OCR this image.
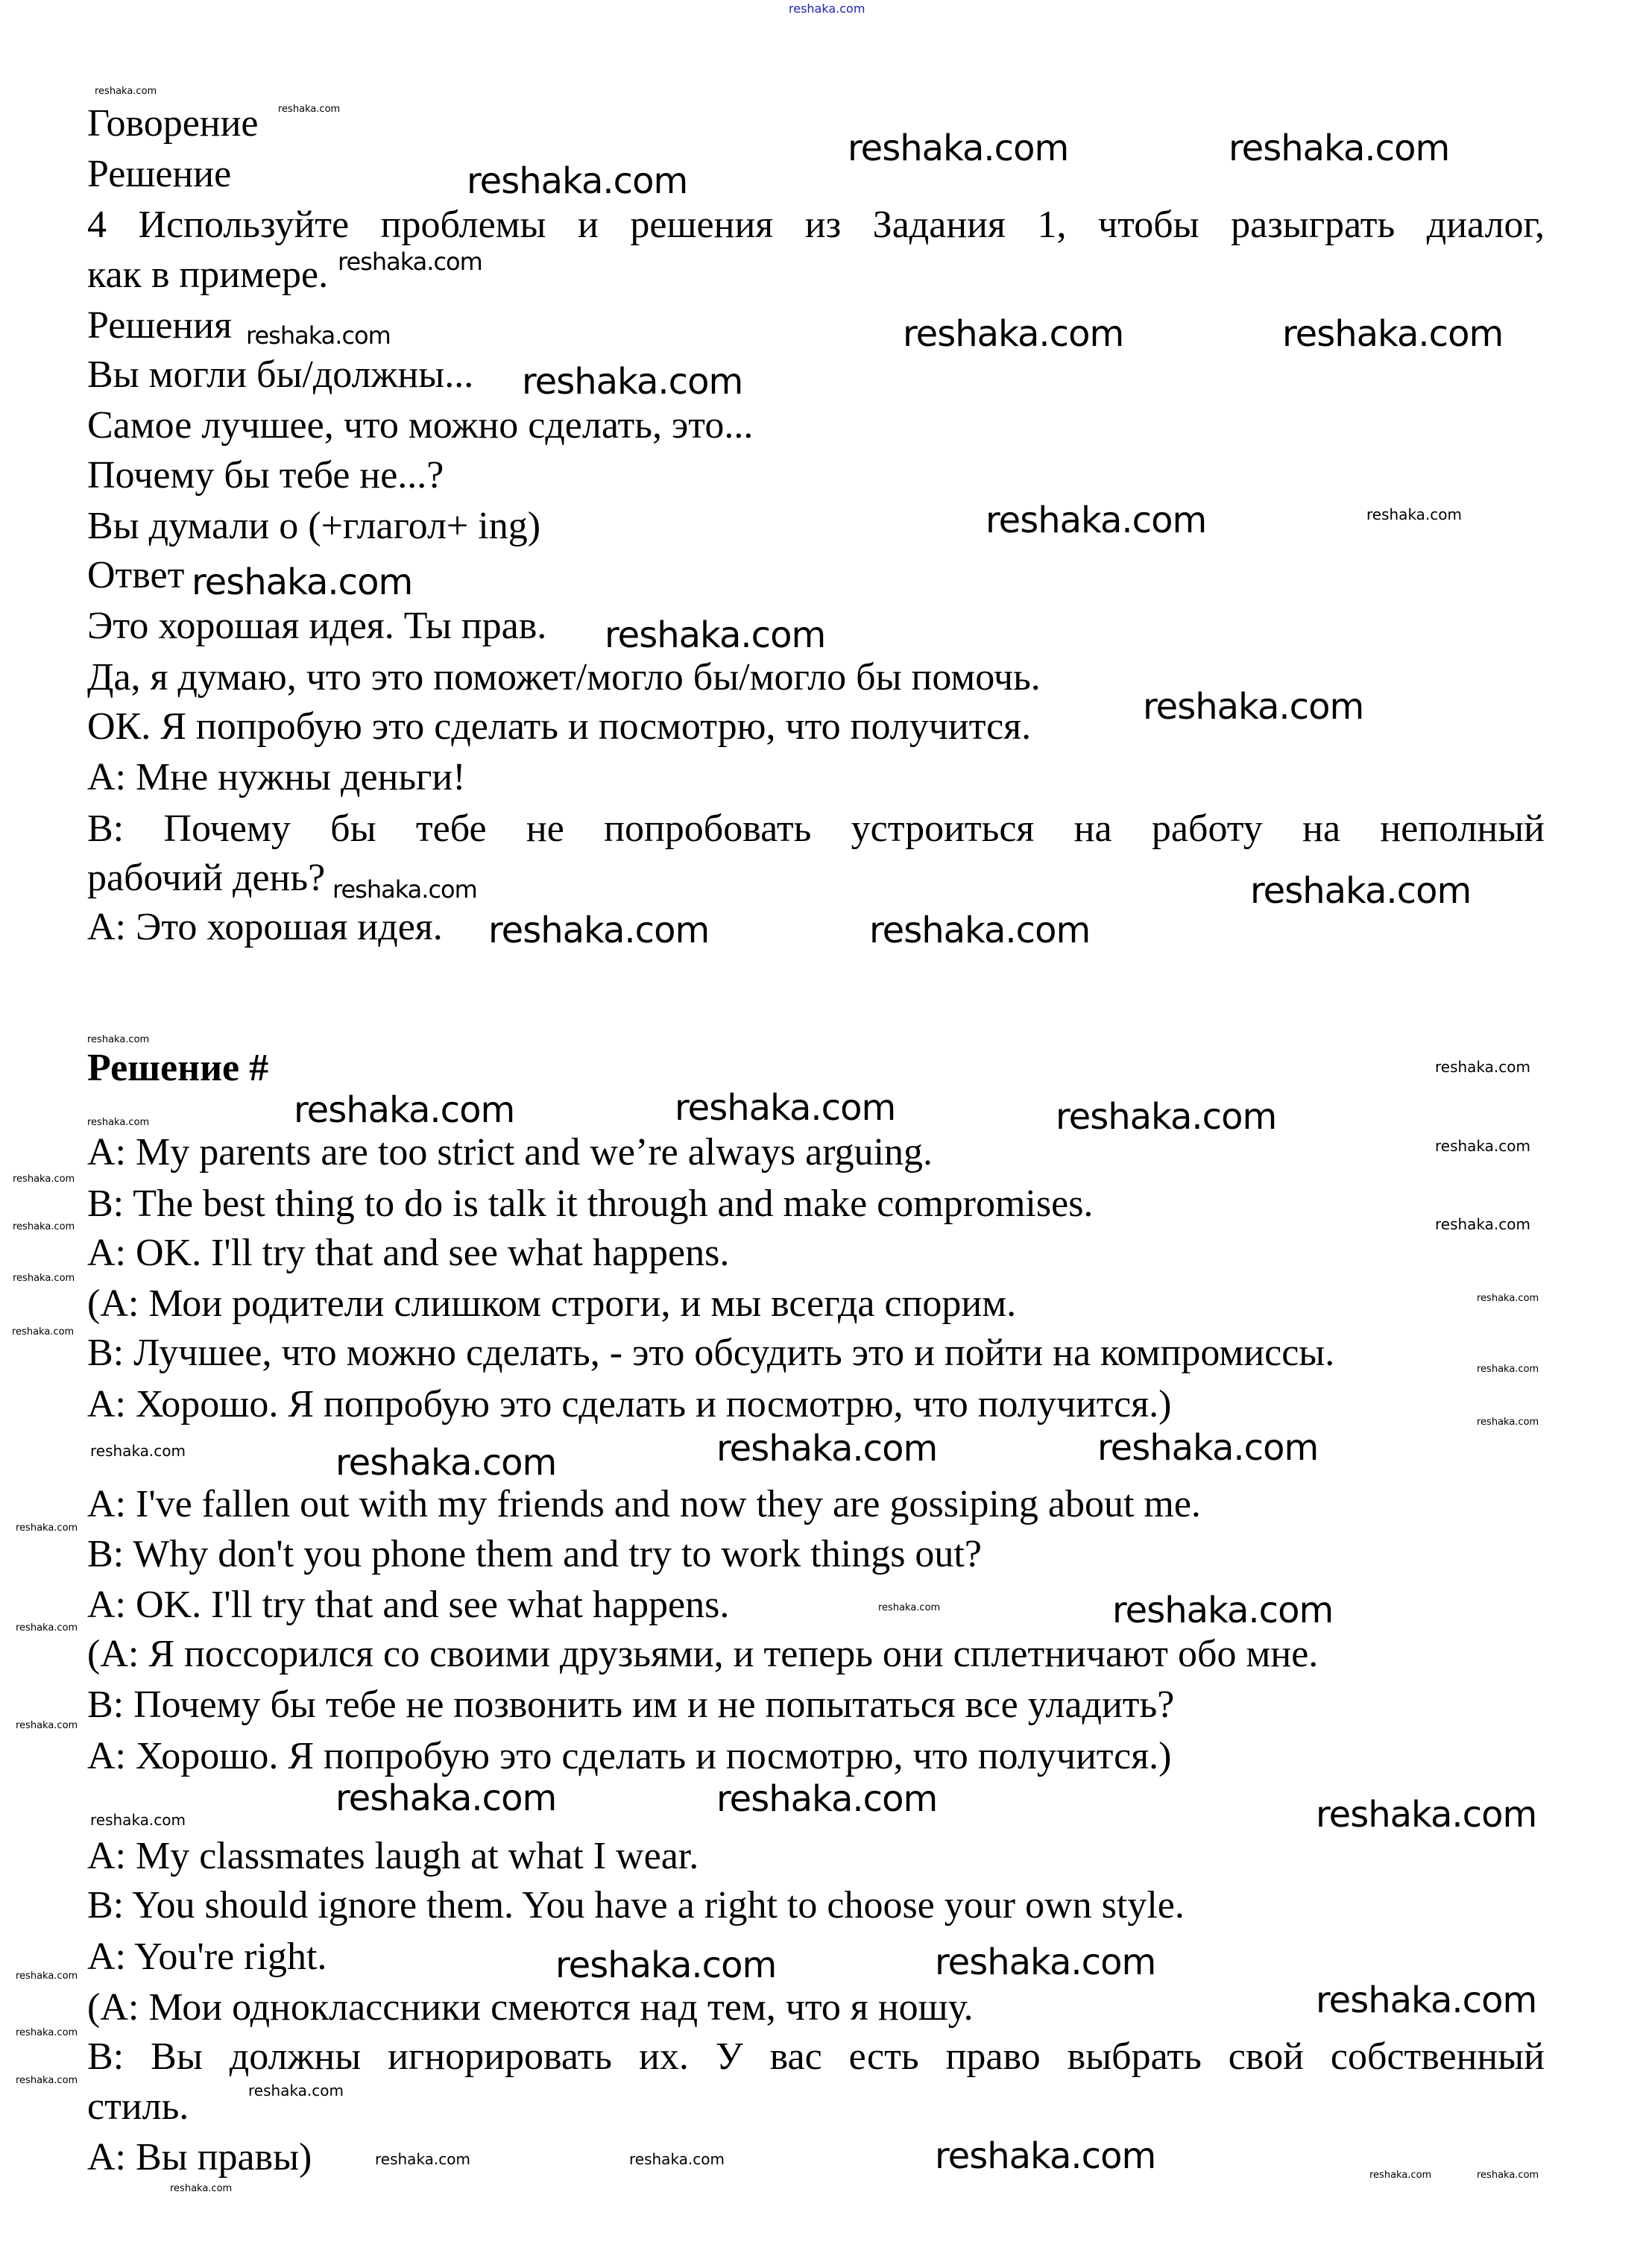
reshaka.com
Говорение
Решение
4 Используйте проблемы и решения из Задания 1, чтобы разыграть диалог,
как в примере.
Решения
Вы могли бы/должны...
Самое лучшее, что можно сделать, это...
Почему бы тебе не...?
Вы думали о (+глагол+ ing)
Ответ
Это хорошая идея. Ты прав.
Да, я думаю, что это поможет/могло бы/могло бы помочь.
ОК. Я попробую это сделать и посмотрю, что получится.
A: Мне нужны деньги!
B: Почему бы тебе не попробовать устроиться на работу на неполный
рабочий день?
A: Это хорошая идея.
Решение #
A: My parents are too strict and we’re always arguing.
B: The best thing to do is talk it through and make compromises.
A: OK. I'll try that and see what happens.
(A: Мои родители слишком строги, и мы всегда спорим.
B: Лучшее, что можно сделать, - это обсудить это и пойти на компромиссы.
A: Хорошо. Я попробую это сделать и посмотрю, что получится.)
A: I've fallen out with my friends and now they are gossiping about me.
B: Why don't you phone them and try to work things out?
A: OK. I'll try that and see what happens.
(A: Я поссорился со своими друзьями, и теперь они сплетничают обо мне.
B: Почему бы тебе не позвонить им и не попытаться все уладить?
A: Хорошо. Я попробую это сделать и посмотрю, что получится.)
A: My classmates laugh at what I wear.
B: You should ignore them. You have a right to choose your own style.
A: You're right.
(A: Мои одноклассники смеются над тем, что я ношу.
B: Вы должны игнорировать их. У вас есть право выбрать свой собственный
стиль.
A: Вы правы)
reshaka.com	reshaka.com
reshaka.com
reshaka.com	reshaka.com
reshaka.com
reshaka.com
reshaka.com
reshaka.com
reshaka.com
reshaka.com
reshaka.com	reshaka.com
reshaka.com	reshaka.com	reshaka.com
reshaka.com	reshaka.com	reshaka.com
reshaka.com
reshaka.com	reshaka.com	reshaka.com
reshaka.com	reshaka.com
reshaka.com
reshaka.com
reshaka.com
reshaka.com
reshaka.com
reshaka.com
reshaka.com	reshaka.com
reshaka.com
reshaka.com
reshaka.com
reshaka.com
reshaka.com
reshaka.com
reshaka.com
reshaka.com
reshaka.com
reshaka.com
reshaka.com
reshaka.com
reshaka.com
reshaka.com
reshaka.com
reshaka.com
reshaka.com
reshaka.com
reshaka.com
reshaka.com
reshaka.com
reshaka.com
reshaka.com
reshaka.com
reshaka.com
reshaka.com	reshaka.com
